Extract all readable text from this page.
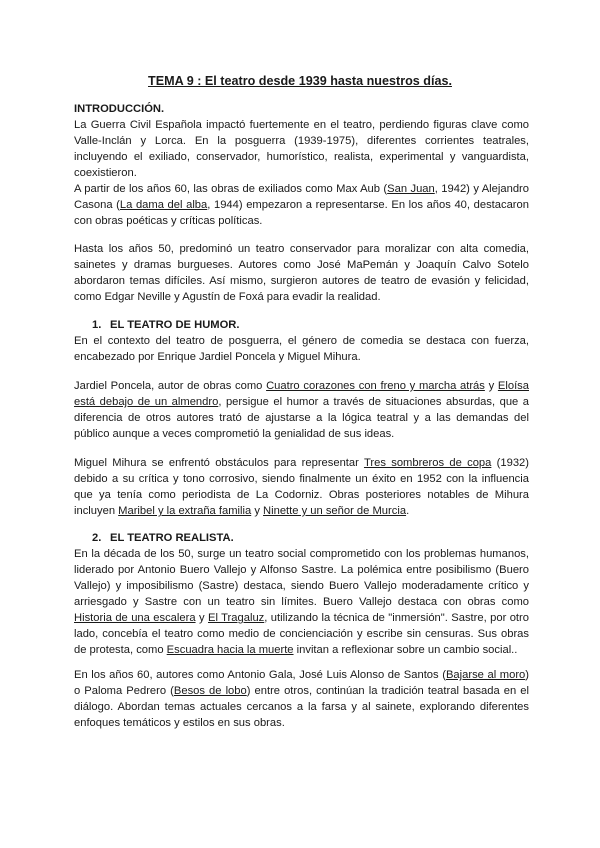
TEMA 9 : El teatro desde 1939 hasta nuestros días.
INTRODUCCIÓN.

La Guerra Civil Española impactó fuertemente en el teatro, perdiendo figuras clave como Valle-Inclán y Lorca. En la posguerra (1939-1975), diferentes corrientes teatrales, incluyendo el exiliado, conservador, humorístico, realista, experimental y vanguardista, coexistieron.

A partir de los años 60, las obras de exiliados como Max Aub (San Juan, 1942) y Alejandro Casona (La dama del alba, 1944) empezaron a representarse. En los años 40, destacaron con obras poéticas y críticas políticas.

Hasta los años 50, predominó un teatro conservador para moralizar con alta comedia, sainetes y dramas burgueses. Autores como José MaPemán y Joaquín Calvo Sotelo abordaron temas difíciles. Así mismo, surgieron autores de teatro de evasión y felicidad, como Edgar Neville y Agustín de Foxá para evadir la realidad.

1. EL TEATRO DE HUMOR.

En el contexto del teatro de posguerra, el género de comedia se destaca con fuerza, encabezado por Enrique Jardiel Poncela y Miguel Mihura.

Jardiel Poncela, autor de obras como Cuatro corazones con freno y marcha atrás y Eloísa está debajo de un almendro, persigue el humor a través de situaciones absurdas, que a diferencia de otros autores trató de ajustarse a la lógica teatral y a las demandas del público aunque a veces comprometió la genialidad de sus ideas.

Miguel Mihura se enfrentó obstáculos para representar Tres sombreros de copa (1932) debido a su crítica y tono corrosivo, siendo finalmente un éxito en 1952 con la influencia que ya tenía como periodista de La Codorniz. Obras posteriores notables de Mihura incluyen Maribel y la extraña familia y Ninette y un señor de Murcia.

2. EL TEATRO REALISTA.

En la década de los 50, surge un teatro social comprometido con los problemas humanos, liderado por Antonio Buero Vallejo y Alfonso Sastre. La polémica entre posibilismo (Buero Vallejo) y imposibilismo (Sastre) destaca, siendo Buero Vallejo moderadamente crítico y arriesgado y Sastre con un teatro sin límites. Buero Vallejo destaca con obras como Historia de una escalera y El Tragaluz, utilizando la técnica de "inmersión". Sastre, por otro lado, concebía el teatro como medio de concienciación y escribe sin censuras. Sus obras de protesta, como Escuadra hacia la muerte invitan a reflexionar sobre un cambio social..

En los años 60, autores como Antonio Gala, José Luis Alonso de Santos (Bajarse al moro) o Paloma Pedrero (Besos de lobo) entre otros, continúan la tradición teatral basada en el diálogo. Abordan temas actuales cercanos a la farsa y al sainete, explorando diferentes enfoques temáticos y estilos en sus obras.
